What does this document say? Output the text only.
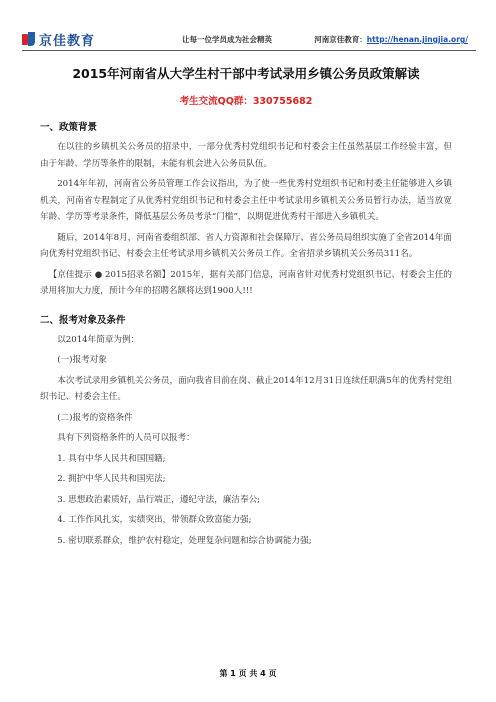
京佳教育	让每一位学员成为社会精英	河南京佳教育：http://henan.jingjia.org/
2015年河南省从大学生村干部中考试录用乡镇公务员政策解读
考生交流QQ群：330755682
一、政策背景

在以往的乡镇机关公务员的招录中，一部分优秀村党组织书记和村委会主任虽然基层工作经验丰富，但由于年龄、学历等条件的限制，未能有机会进入公务员队伍。

2014年年初，河南省公务员管理工作会议指出，为了使一些优秀村党组织书记和村委主任能够进入乡镇机关，河南省专程制定了从优秀村党组织书记和村委会主任中考试录用乡镇机关公务员暂行办法，适当放宽年龄、学历等考录条件，降低基层公务员考录“门槛”，以期促进优秀村干部进入乡镇机关。

随后，2014年8月，河南省委组织部、省人力资源和社会保障厅、省公务员局组织实施了全省2014年面向优秀村党组织书记、村委会主任考试录用乡镇机关公务员工作。全省招录乡镇机关公务员311名。

【京佳提示 ● 2015招录名额】2015年，据有关部门信息，河南省针对优秀村党组织书记、村委会主任的录用将加大力度，预计今年的招聘名额将达到1900人!!!

二、报考对象及条件

以2014年简章为例：

(一)报考对象

本次考试录用乡镇机关公务员，面向我省目前在岗、截止2014年12月31日连续任职满5年的优秀村党组织书记、村委会主任。

(二)报考的资格条件

具有下列资格条件的人员可以报考：

1. 具有中华人民共和国国籍;

2. 拥护中华人民共和国宪法;

3. 思想政治素质好，品行端正，遵纪守法，廉洁奉公;

4. 工作作风扎实，实绩突出，带领群众致富能力强;

5. 密切联系群众，维护农村稳定，处理复杂问题和综合协调能力强;

第 1 页 共 4 页
